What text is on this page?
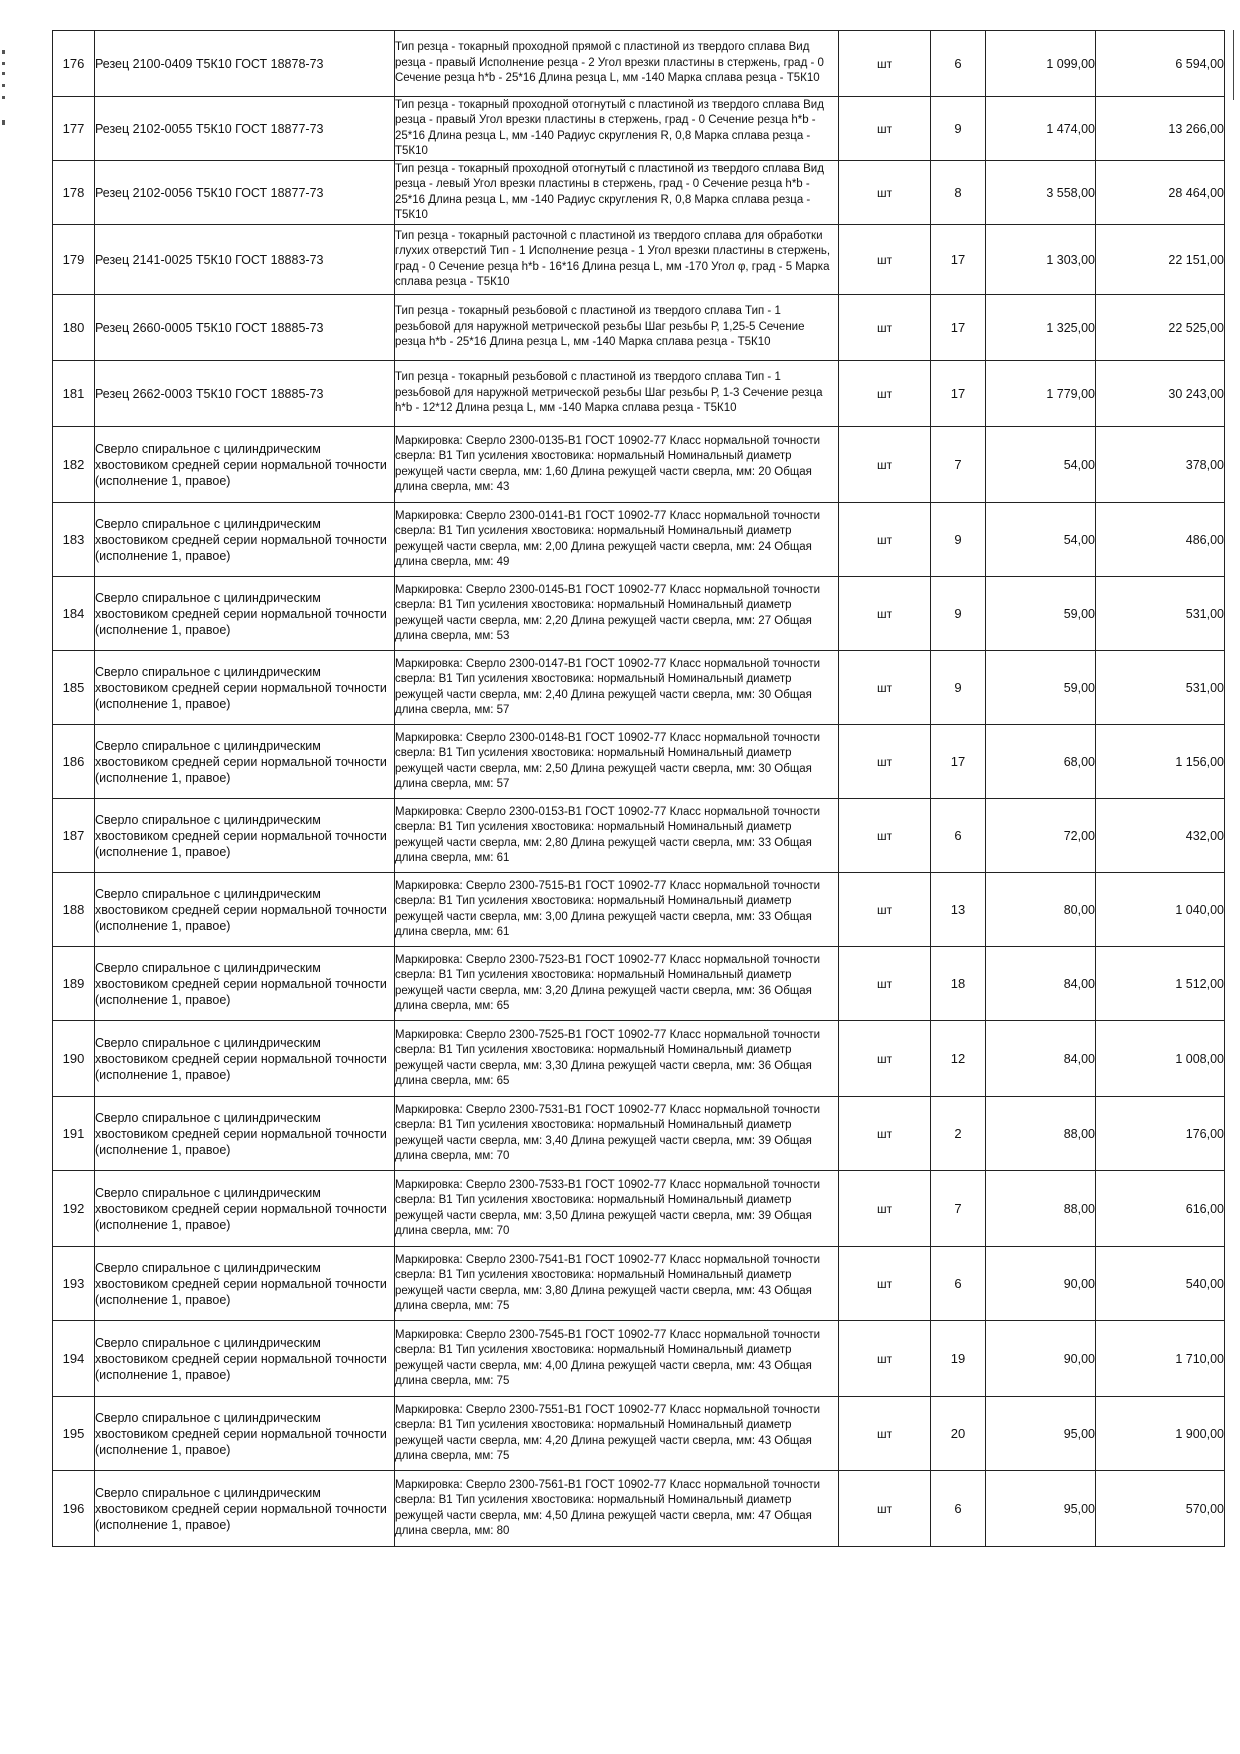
176	Резец 2100-0409 Т5К10 ГОСТ 18878-73	Тип резца - токарный проходной прямой с пластиной из твердого сплава Вид резца - правый Исполнение резца - 2 Угол врезки пластины в стержень, град - 0 Сечение резца h*b - 25*16 Длина резца L, мм -140 Марка сплава резца - Т5К10	шт	6	1 099,00	6 594,00
177	Резец 2102-0055 Т5К10 ГОСТ 18877-73	Тип резца - токарный проходной отогнутый с пластиной из твердого сплава Вид резца - правый Угол врезки пластины в стержень, град - 0 Сечение резца h*b - 25*16 Длина резца L, мм -140 Радиус скругления R, 0,8 Марка сплава резца - Т5К10	шт	9	1 474,00	13 266,00
178	Резец 2102-0056 Т5К10 ГОСТ 18877-73	Тип резца - токарный проходной отогнутый с пластиной из твердого сплава Вид резца - левый Угол врезки пластины в стержень, град - 0 Сечение резца h*b - 25*16 Длина резца L, мм -140 Радиус скругления R, 0,8 Марка сплава резца - Т5К10	шт	8	3 558,00	28 464,00
179	Резец 2141-0025 Т5К10 ГОСТ 18883-73	Тип резца - токарный расточной с пластиной из твердого сплава для обработки глухих отверстий Тип - 1 Исполнение резца - 1 Угол врезки пластины в стержень, град - 0 Сечение резца h*b - 16*16 Длина резца L, мм -170 Угол φ, град - 5 Марка сплава резца - Т5К10	шт	17	1 303,00	22 151,00
180	Резец 2660-0005 Т5К10 ГОСТ 18885-73	Тип резца - токарный резьбовой с пластиной из твердого сплава Тип - 1 резьбовой для наружной метрической резьбы Шаг резьбы Р, 1,25-5 Сечение резца h*b - 25*16 Длина резца L, мм -140 Марка сплава резца - Т5К10	шт	17	1 325,00	22 525,00
181	Резец 2662-0003 Т5К10 ГОСТ 18885-73	Тип резца - токарный резьбовой с пластиной из твердого сплава Тип - 1 резьбовой для наружной метрической резьбы Шаг резьбы Р, 1-3 Сечение резца h*b - 12*12 Длина резца L, мм -140 Марка сплава резца - Т5К10	шт	17	1 779,00	30 243,00
182	Сверло спиральное с цилиндрическим хвостовиком средней серии нормальной точности (исполнение 1, правое)	Маркировка: Сверло 2300-0135-В1 ГОСТ 10902-77 Класс нормальной точности сверла: В1 Тип усиления хвостовика: нормальный Номинальный диаметр режущей части сверла, мм: 1,60 Длина режущей части сверла, мм: 20 Общая длина сверла, мм: 43	шт	7	54,00	378,00
183	Сверло спиральное с цилиндрическим хвостовиком средней серии нормальной точности (исполнение 1, правое)	Маркировка: Сверло 2300-0141-В1 ГОСТ 10902-77 Класс нормальной точности сверла: В1 Тип усиления хвостовика: нормальный Номинальный диаметр режущей части сверла, мм: 2,00 Длина режущей части сверла, мм: 24 Общая длина сверла, мм: 49	шт	9	54,00	486,00
184	Сверло спиральное с цилиндрическим хвостовиком средней серии нормальной точности (исполнение 1, правое)	Маркировка: Сверло 2300-0145-В1 ГОСТ 10902-77 Класс нормальной точности сверла: В1 Тип усиления хвостовика: нормальный Номинальный диаметр режущей части сверла, мм: 2,20 Длина режущей части сверла, мм: 27 Общая длина сверла, мм: 53	шт	9	59,00	531,00
185	Сверло спиральное с цилиндрическим хвостовиком средней серии нормальной точности (исполнение 1, правое)	Маркировка: Сверло 2300-0147-В1 ГОСТ 10902-77 Класс нормальной точности сверла: В1 Тип усиления хвостовика: нормальный Номинальный диаметр режущей части сверла, мм: 2,40 Длина режущей части сверла, мм: 30 Общая длина сверла, мм: 57	шт	9	59,00	531,00
186	Сверло спиральное с цилиндрическим хвостовиком средней серии нормальной точности (исполнение 1, правое)	Маркировка: Сверло 2300-0148-В1 ГОСТ 10902-77 Класс нормальной точности сверла: В1 Тип усиления хвостовика: нормальный Номинальный диаметр режущей части сверла, мм: 2,50 Длина режущей части сверла, мм: 30 Общая длина сверла, мм: 57	шт	17	68,00	1 156,00
187	Сверло спиральное с цилиндрическим хвостовиком средней серии нормальной точности (исполнение 1, правое)	Маркировка: Сверло 2300-0153-В1 ГОСТ 10902-77 Класс нормальной точности сверла: В1 Тип усиления хвостовика: нормальный Номинальный диаметр режущей части сверла, мм: 2,80 Длина режущей части сверла, мм: 33 Общая длина сверла, мм: 61	шт	6	72,00	432,00
188	Сверло спиральное с цилиндрическим хвостовиком средней серии нормальной точности (исполнение 1, правое)	Маркировка: Сверло 2300-7515-В1 ГОСТ 10902-77 Класс нормальной точности сверла: В1 Тип усиления хвостовика: нормальный Номинальный диаметр режущей части сверла, мм: 3,00 Длина режущей части сверла, мм: 33 Общая длина сверла, мм: 61	шт	13	80,00	1 040,00
189	Сверло спиральное с цилиндрическим хвостовиком средней серии нормальной точности (исполнение 1, правое)	Маркировка: Сверло 2300-7523-В1 ГОСТ 10902-77 Класс нормальной точности сверла: В1 Тип усиления хвостовика: нормальный Номинальный диаметр режущей части сверла, мм: 3,20 Длина режущей части сверла, мм: 36 Общая длина сверла, мм: 65	шт	18	84,00	1 512,00
190	Сверло спиральное с цилиндрическим хвостовиком средней серии нормальной точности (исполнение 1, правое)	Маркировка: Сверло 2300-7525-В1 ГОСТ 10902-77 Класс нормальной точности сверла: В1 Тип усиления хвостовика: нормальный Номинальный диаметр режущей части сверла, мм: 3,30 Длина режущей части сверла, мм: 36 Общая длина сверла, мм: 65	шт	12	84,00	1 008,00
191	Сверло спиральное с цилиндрическим хвостовиком средней серии нормальной точности (исполнение 1, правое)	Маркировка: Сверло 2300-7531-В1 ГОСТ 10902-77 Класс нормальной точности сверла: В1 Тип усиления хвостовика: нормальный Номинальный диаметр режущей части сверла, мм: 3,40 Длина режущей части сверла, мм: 39 Общая длина сверла, мм: 70	шт	2	88,00	176,00
192	Сверло спиральное с цилиндрическим хвостовиком средней серии нормальной точности (исполнение 1, правое)	Маркировка: Сверло 2300-7533-В1 ГОСТ 10902-77 Класс нормальной точности сверла: В1 Тип усиления хвостовика: нормальный Номинальный диаметр режущей части сверла, мм: 3,50 Длина режущей части сверла, мм: 39 Общая длина сверла, мм: 70	шт	7	88,00	616,00
193	Сверло спиральное с цилиндрическим хвостовиком средней серии нормальной точности (исполнение 1, правое)	Маркировка: Сверло 2300-7541-В1 ГОСТ 10902-77 Класс нормальной точности сверла: В1 Тип усиления хвостовика: нормальный Номинальный диаметр режущей части сверла, мм: 3,80 Длина режущей части сверла, мм: 43 Общая длина сверла, мм: 75	шт	6	90,00	540,00
194	Сверло спиральное с цилиндрическим хвостовиком средней серии нормальной точности (исполнение 1, правое)	Маркировка: Сверло 2300-7545-В1 ГОСТ 10902-77 Класс нормальной точности сверла: В1 Тип усиления хвостовика: нормальный Номинальный диаметр режущей части сверла, мм: 4,00 Длина режущей части сверла, мм: 43 Общая длина сверла, мм: 75	шт	19	90,00	1 710,00
195	Сверло спиральное с цилиндрическим хвостовиком средней серии нормальной точности (исполнение 1, правое)	Маркировка: Сверло 2300-7551-В1 ГОСТ 10902-77 Класс нормальной точности сверла: В1 Тип усиления хвостовика: нормальный Номинальный диаметр режущей части сверла, мм: 4,20 Длина режущей части сверла, мм: 43 Общая длина сверла, мм: 75	шт	20	95,00	1 900,00
196	Сверло спиральное с цилиндрическим хвостовиком средней серии нормальной точности (исполнение 1, правое)	Маркировка: Сверло 2300-7561-В1 ГОСТ 10902-77 Класс нормальной точности сверла: В1 Тип усиления хвостовика: нормальный Номинальный диаметр режущей части сверла, мм: 4,50 Длина режущей части сверла, мм: 47 Общая длина сверла, мм: 80	шт	6	95,00	570,00
